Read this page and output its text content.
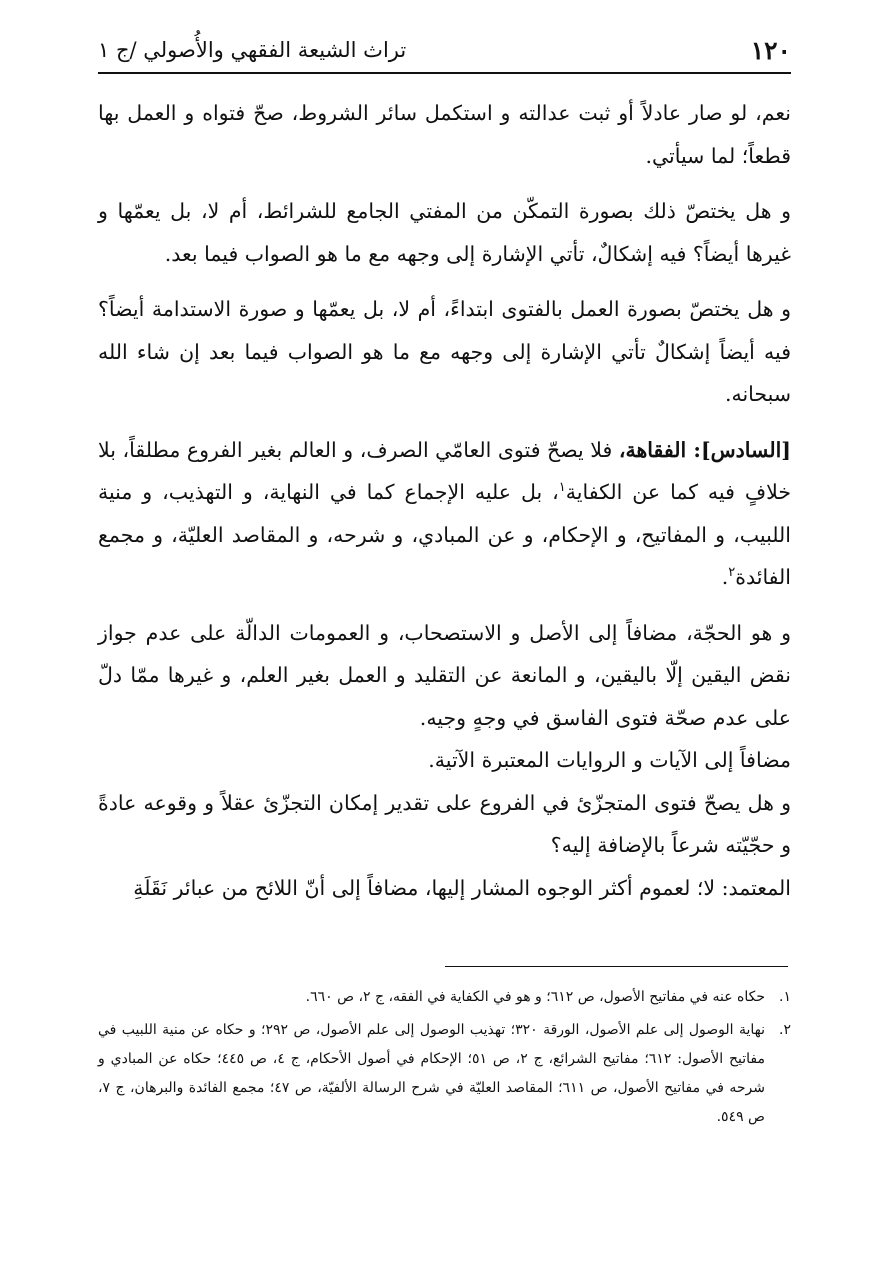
١٢٠
تراث الشيعة الفقهي والأُصولي /ج ١

نعم، لو صار عادلاً أو ثبت عدالته و استكمل سائر الشروط، صحّ فتواه و العمل بها قطعاً؛ لما سيأتي.

و هل يختصّ ذلك بصورة التمكّن من المفتي الجامع للشرائط، أم لا، بل يعمّها و غيرها أيضاً؟ فيه إشكالٌ، تأتي الإشارة إلى وجهه مع ما هو الصواب فيما بعد.

و هل يختصّ بصورة العمل بالفتوى ابتداءً، أم لا، بل يعمّها و صورة الاستدامة أيضاً؟ فيه أيضاً إشكالٌ تأتي الإشارة إلى وجهه مع ما هو الصواب فيما بعد إن شاء الله سبحانه.

[السادس]: الفقاهة، فلا يصحّ فتوى العامّي الصرف، و العالم بغير الفروع مطلقاً، بلا خلافٍ فيه كما عن الكفاية$^١$، بل عليه الإجماع كما في النهاية، و التهذيب، و منية اللبيب، و المفاتيح، و الإحكام، و عن المبادي، و شرحه، و المقاصد العليّة، و مجمع الفائدة$^٢$.

و هو الحجّة، مضافاً إلى الأصل و الاستصحاب، و العمومات الدالّة على عدم جواز نقض اليقين إلّا باليقين، و المانعة عن التقليد و العمل بغير العلم، و غيرها ممّا دلّ على عدم صحّة فتوى الفاسق في وجهٍ وجيه.

مضافاً إلى الآيات و الروايات المعتبرة الآتية.

و هل يصحّ فتوى المتجزّئ في الفروع على تقدير إمكان التجزّئ عقلاً و وقوعه عادةً و حجّيّته شرعاً بالإضافة إليه؟

المعتمد: لا؛ لعموم أكثر الوجوه المشار إليها، مضافاً إلى أنّ اللائح من عبائر نَقَلَةِ

١.
حكاه عنه في مفاتيح الأصول، ص ٦١٢؛ و هو في الكفاية في الفقه، ج ٢، ص ٦٦٠.
٢.
نهاية الوصول إلى علم الأصول، الورقة ٣٢٠؛ تهذيب الوصول إلى علم الأصول، ص ٢٩٢؛ و حكاه عن منية اللبيب في مفاتيح الأصول: ٦١٢؛ مفاتيح الشرائع، ج ٢، ص ٥١؛ الإحكام في أصول الأحكام، ج ٤، ص ٤٤٥؛ حكاه عن المبادي و شرحه في مفاتيح الأصول، ص ٦١١؛ المقاصد العليّة في شرح الرسالة الألفيّة، ص ٤٧؛ مجمع الفائدة والبرهان، ج ٧، ص ٥٤٩.
